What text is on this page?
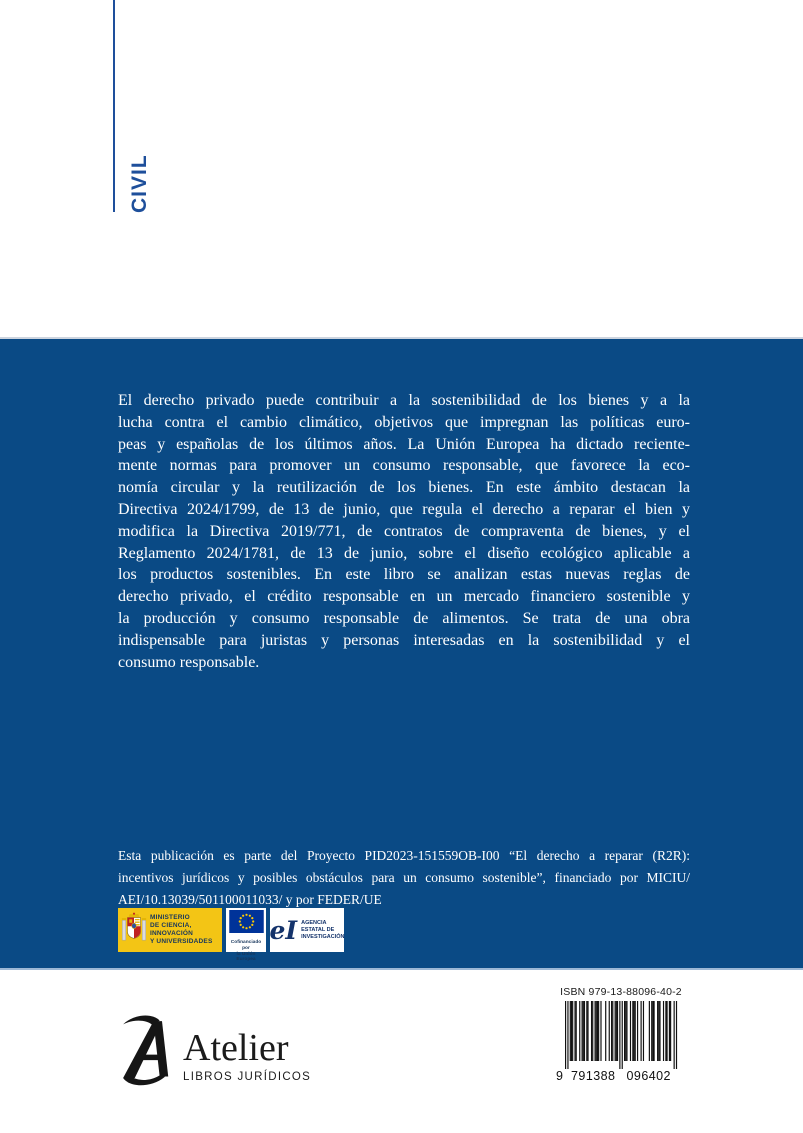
CIVIL
El derecho privado puede contribuir a la sostenibilidad de los bienes y a la
lucha contra el cambio climático, objetivos que impregnan las políticas euro-
peas y españolas de los últimos años. La Unión Europea ha dictado reciente-
mente normas para promover un consumo responsable, que favorece la eco-
nomía circular y la reutilización de los bienes. En este ámbito destacan la
Directiva 2024/1799, de 13 de junio, que regula el derecho a reparar el bien y
modifica la Directiva 2019/771, de contratos de compraventa de bienes, y el
Reglamento 2024/1781, de 13 de junio, sobre el diseño ecológico aplicable a
los productos sostenibles. En este libro se analizan estas nuevas reglas de
derecho privado, el crédito responsable en un mercado financiero sostenible y
la producción y consumo responsable de alimentos. Se trata de una obra
indispensable para juristas y personas interesadas en la sostenibilidad y el
consumo responsable.
Esta publicación es parte del Proyecto PID2023-151559OB-I00 “El derecho a reparar (R2R):
incentivos jurídicos y posibles obstáculos para un consumo sostenible”, financiado por MICIU/
AEI/10.13039/501100011033/ y por FEDER/UE
MINISTERIO
DE CIENCIA, INNOVACIÓN
Y UNIVERSIDADES	Cofinanciado por
la Unión Europea
eI AGENCIA
ESTATAL DE
INVESTIGACIÓN
Atelier
LIBROS JURÍDICOS
ISBN 979-13-88096-40-2
9 791388 096402
